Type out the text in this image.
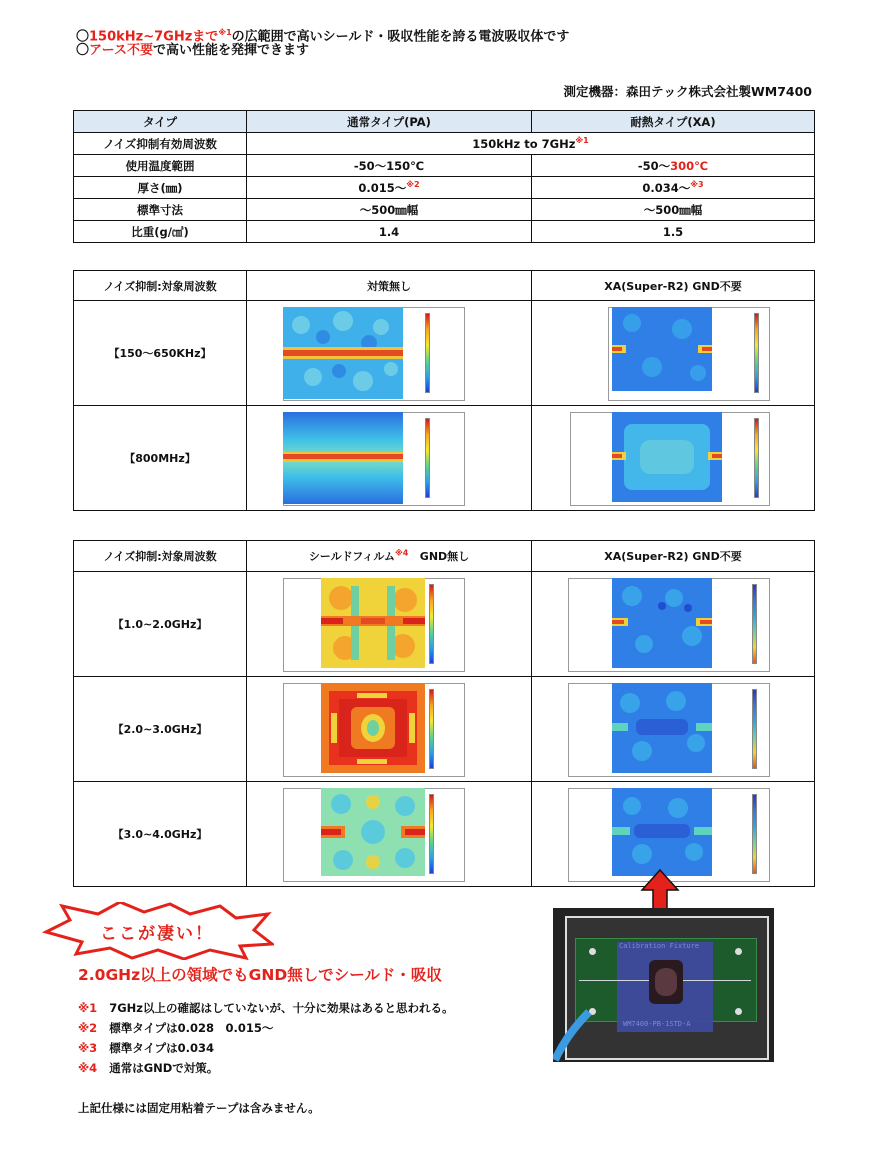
〇150kHz~7GHzまで$^{※1}$の広範囲で高いシールド・吸収性能を誇る電波吸収体です
〇アース不要で高い性能を発揮できます
測定機器：森田テック株式会社製WM7400
タイプ	通常タイプ(PA)	耐熱タイプ(XA)
ノイズ抑制有効周波数	150kHz to 7GHz$^{※1}$
使用温度範囲	-50～150℃	-50～300℃
厚さ(㎜)	0.015～$^{※2}$	0.034～$^{※3}$
標準寸法	～500㎜幅	～500㎜幅
比重(g/㎤)	1.4	1.5
ノイズ抑制:対象周波数	対策無し	XA(Super-R2) GND不要
【150～650KHz】	

【800MHz】	

ノイズ抑制:対象周波数	シールドフィルム$^{※4}$ GND無し	XA(Super-R2) GND不要
【1.0~2.0GHz】	

【2.0~3.0GHz】	

【3.0~4.0GHz】	

ここが凄い！
2.0GHz以上の領域でもGND無しでシールド・吸収
※1 7GHz以上の確認はしていないが、十分に効果はあると思われる。
※2 標準タイプは0.028　0.015～
※3 標準タイプは0.034
※4 通常はGNDで対策。
上記仕様には固定用粘着テープは含みません。
Calibration Fixture
WM7400-PB-1STD-A
